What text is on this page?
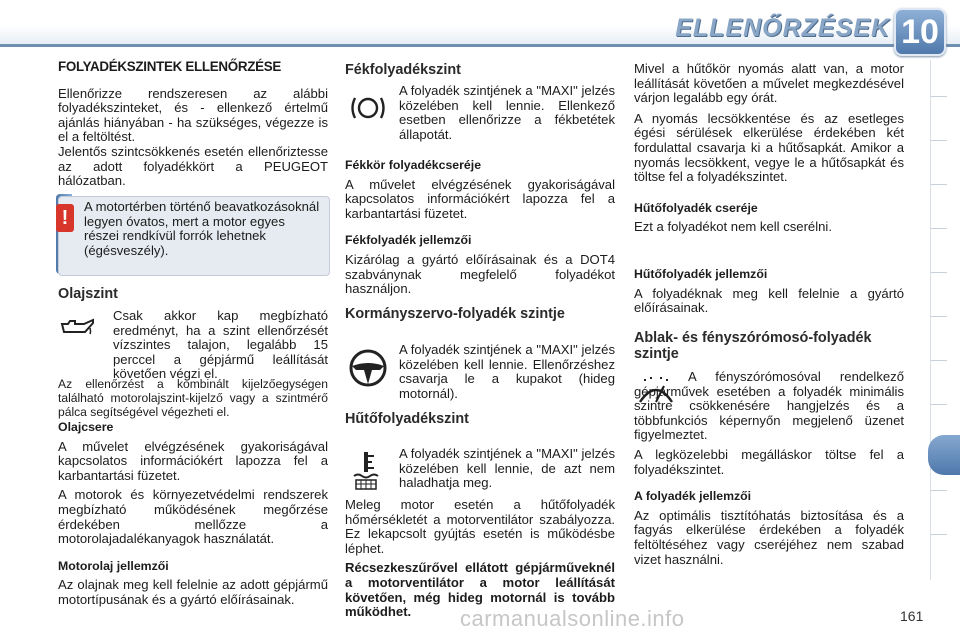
ELLENŐRZÉSEK 10
FOLYADÉKSZINTEK ELLENŐRZÉSE

Ellenőrizze rendszeresen az alábbi folyadékszinteket, és - ellenkező értelmű ajánlás hiányában - ha szükséges, végezze is el a feltöltést.

Jelentős szintcsökkenés esetén ellenőriztesse az adott folyadékkört a PEUGEOT hálózatban.

!
A motortérben történő beavatkozásoknál legyen óvatos, mert a motor egyes részei rendkívül forrók lehetnek (égésveszély).
Olajszint

Csak akkor kap megbízható eredményt, ha a szint ellenőrzését vízszintes talajon, legalább 15 perccel a gépjármű leállítását követően végzi el.

Az ellenőrzést a kombinált kijelzőegységen található motorolajszint-kijelző vagy a szintmérő pálca segítségével végezheti el.
Olajcsere

A művelet elvégzésének gyakoriságával kapcsolatos információkért lapozza fel a karbantartási füzetet.

A motorok és környezetvédelmi rendszerek megbízható működésének megőrzése érdekében mellőzze a motorolajadalékanyagok használatát.

Motorolaj jellemzői

Az olajnak meg kell felelnie az adott gépjármű motortípusának és a gyártó előírásainak.

Fékfolyadékszint

A folyadék szintjének a "MAXI" jelzés közelében kell lennie. Ellenkező esetben ellenőrizze a fékbetétek állapotát.

Fékkör folyadékcseréje

A művelet elvégzésének gyakoriságával kapcsolatos információkért lapozza fel a karbantartási füzetet.

Fékfolyadék jellemzői

Kizárólag a gyártó előírásainak és a DOT4 szabványnak megfelelő folyadékot használjon.

Kormányszervo-folyadék szintje

A folyadék szintjének a "MAXI" jelzés közelében kell lennie. Ellenőrzéshez csavarja le a kupakot (hideg motornál).

Hűtőfolyadékszint

A folyadék szintjének a "MAXI" jelzés közelében kell lennie, de azt nem haladhatja meg.

Meleg motor esetén a hűtőfolyadék hőmérsékletét a motorventilátor szabályozza. Ez lekapcsolt gyújtás esetén is működésbe léphet.

Récsezkeszűrővel ellátott gépjárműveknél a motorventilátor a motor leállítását követően, még hideg motornál is tovább működhet.

Mivel a hűtőkör nyomás alatt van, a motor leállítását követően a művelet megkezdésével várjon legalább egy órát.

A nyomás lecsökkentése és az esetleges égési sérülések elkerülése érdekében két fordulattal csavarja ki a hűtősapkát. Amikor a nyomás lecsökkent, vegye le a hűtősapkát és töltse fel a folyadékszintet.

Hűtőfolyadék cseréje

Ezt a folyadékot nem kell cserélni.

Hűtőfolyadék jellemzői

A folyadéknak meg kell felelnie a gyártó előírásainak.

Ablak- és fényszórómosó-folyadék szintje

A fényszórómosóval rendelkező gépjárművek esetében a folyadék minimális szintre csökkenésére hangjelzés és a többfunkciós képernyőn megjelenő üzenet figyelmeztet.

A legközelebbi megálláskor töltse fel a folyadékszintet.

A folyadék jellemzői

Az optimális tisztítóhatás biztosítása és a fagyás elkerülése érdekében a folyadék feltöltéséhez vagy cseréjéhez nem szabad vizet használni.

carmanualsonline.info	161
